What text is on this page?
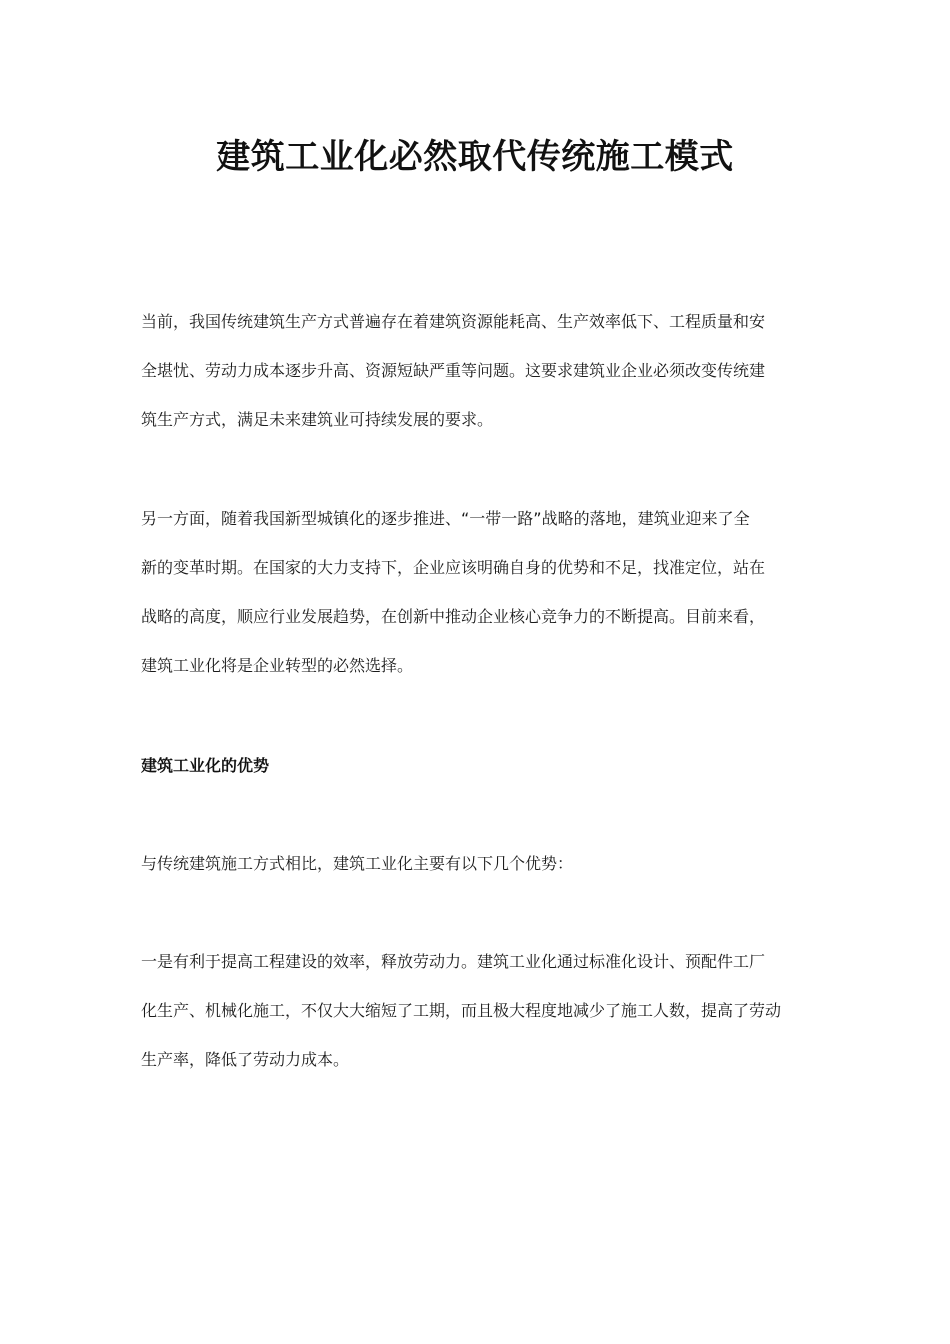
建筑工业化必然取代传统施工模式
当前，我国传统建筑生产方式普遍存在着建筑资源能耗高、生产效率低下、工程质量和安
全堪忧、劳动力成本逐步升高、资源短缺严重等问题。这要求建筑业企业必须改变传统建
筑生产方式，满足未来建筑业可持续发展的要求。
另一方面，随着我国新型城镇化的逐步推进、“一带一路”战略的落地，建筑业迎来了全
新的变革时期。在国家的大力支持下，企业应该明确自身的优势和不足，找准定位，站在
战略的高度，顺应行业发展趋势，在创新中推动企业核心竞争力的不断提高。目前来看，
建筑工业化将是企业转型的必然选择。
建筑工业化的优势

与传统建筑施工方式相比，建筑工业化主要有以下几个优势：

一是有利于提高工程建设的效率，释放劳动力。建筑工业化通过标准化设计、预配件工厂
化生产、机械化施工，不仅大大缩短了工期，而且极大程度地减少了施工人数，提高了劳动
生产率，降低了劳动力成本。
